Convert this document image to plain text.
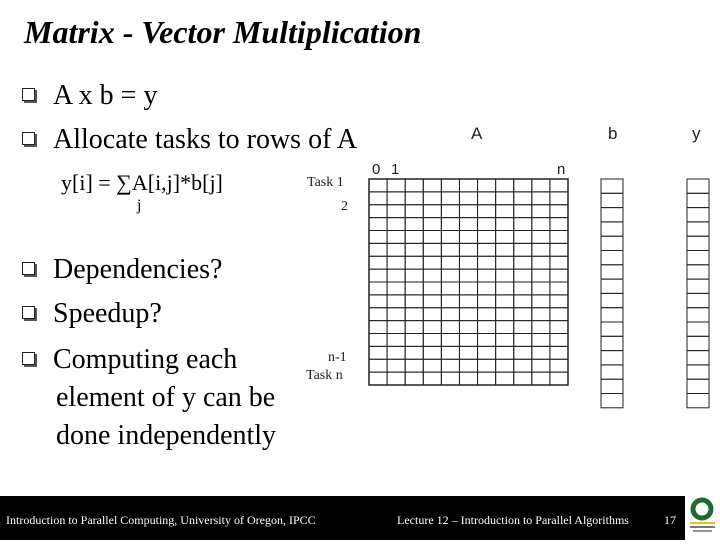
Matrix - Vector Multiplication
A x b = y
Allocate tasks to rows of A
y[i] = ∑A[i,j]*b[j]
j
Dependencies?
Speedup?
Computing each
element of y can be
done independently
A	b	y
0 1	n
Task 1
2
n-1
Task n
Introduction to Parallel Computing, University of Oregon, IPCC	Lecture 12 – Introduction to Parallel Algorithms	17
